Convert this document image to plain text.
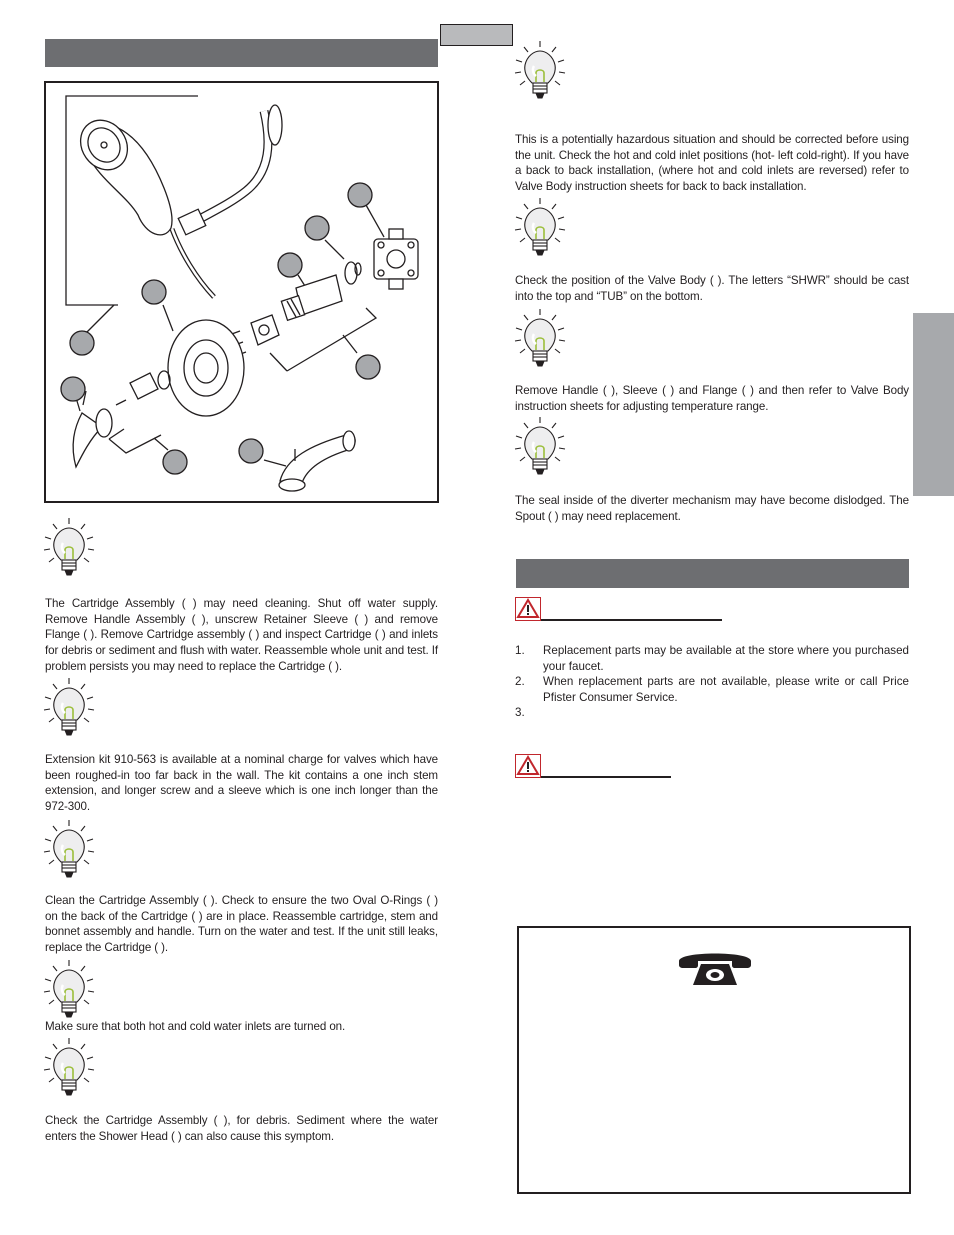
The Cartridge Assembly ( ) may need cleaning. Shut off water supply. Remove Handle Assembly ( ), unscrew Retainer Sleeve ( ) and remove Flange ( ). Remove Cartridge assembly ( ) and inspect Cartridge ( ) and inlets for debris or sediment and flush with water. Reassemble whole unit and test. If problem persists you may need to replace the Cartridge ( ).

Extension kit 910-563 is available at a nominal charge for valves which have been roughed-in too far back in the wall. The kit contains a one inch stem extension, and longer screw and a sleeve which is one inch longer than the 972-300.

Clean the Cartridge Assembly ( ). Check to ensure the two Oval O-Rings ( ) on the back of the Cartridge ( ) are in place. Reassemble cartridge, stem and bonnet assembly and handle. Turn on the water and test. If the unit still leaks, replace the Cartridge ( ).

Make sure that both hot and cold water inlets are turned on.

Check the Cartridge Assembly ( ), for debris. Sediment where the water enters the Shower Head ( ) can also cause this symptom.

This is a potentially hazardous situation and should be corrected before using the unit. Check the hot and cold inlet positions (hot- left cold-right). If you have a back to back installation, (where hot and cold inlets are reversed) refer to Valve Body instruction sheets for back to back installation.

Check the position of the Valve Body ( ). The letters “SHWR” should be cast into the top and “TUB” on the bottom.

Remove Handle ( ), Sleeve ( ) and Flange ( ) and then refer to Valve Body instruction sheets for adjusting temperature range.

The seal inside of the diverter mechanism may have become dislodged. The Spout ( ) may need replacement.

1. Replacement parts may be available at the store where you purchased your faucet.
2. When replacement parts are not available, please write or call Price Pfister Consumer Service.
3.
